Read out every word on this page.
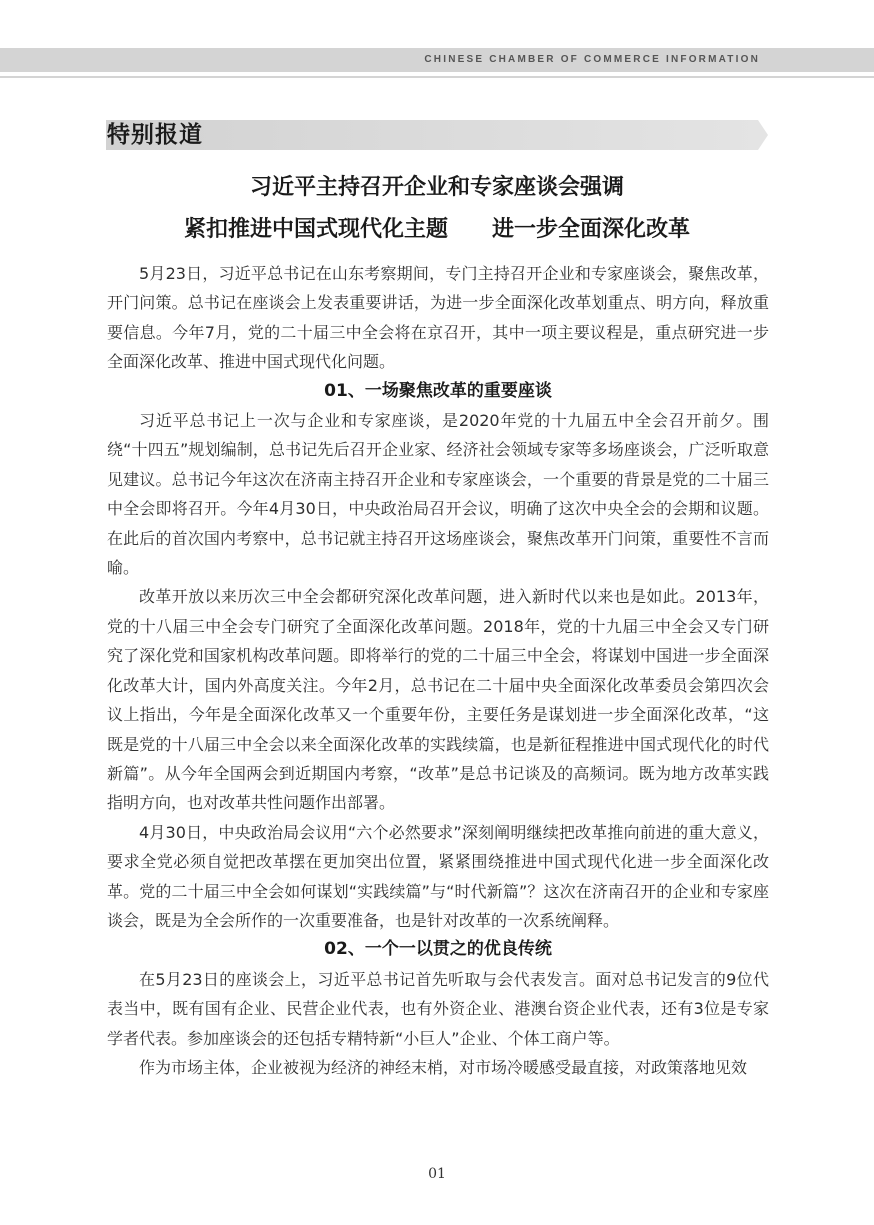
CHINESE CHAMBER OF COMMERCE INFORMATION
特别报道
习近平主持召开企业和专家座谈会强调
紧扣推进中国式现代化主题　　进一步全面深化改革

5月23日，习近平总书记在山东考察期间，专门主持召开企业和专家座谈会，聚焦改革，开门问策。总书记在座谈会上发表重要讲话，为进一步全面深化改革划重点、明方向，释放重要信息。今年7月，党的二十届三中全会将在京召开，其中一项主要议程是，重点研究进一步全面深化改革、推进中国式现代化问题。

01、一场聚焦改革的重要座谈

习近平总书记上一次与企业和专家座谈，是2020年党的十九届五中全会召开前夕。围绕“十四五”规划编制，总书记先后召开企业家、经济社会领域专家等多场座谈会，广泛听取意见建议。总书记今年这次在济南主持召开企业和专家座谈会，一个重要的背景是党的二十届三中全会即将召开。今年4月30日，中央政治局召开会议，明确了这次中央全会的会期和议题。在此后的首次国内考察中，总书记就主持召开这场座谈会，聚焦改革开门问策，重要性不言而喻。

改革开放以来历次三中全会都研究深化改革问题，进入新时代以来也是如此。2013年，党的十八届三中全会专门研究了全面深化改革问题。2018年，党的十九届三中全会又专门研究了深化党和国家机构改革问题。即将举行的党的二十届三中全会，将谋划中国进一步全面深化改革大计，国内外高度关注。今年2月，总书记在二十届中央全面深化改革委员会第四次会议上指出，今年是全面深化改革又一个重要年份，主要任务是谋划进一步全面深化改革，“这既是党的十八届三中全会以来全面深化改革的实践续篇，也是新征程推进中国式现代化的时代新篇”。从今年全国两会到近期国内考察，“改革”是总书记谈及的高频词。既为地方改革实践指明方向，也对改革共性问题作出部署。

4月30日，中央政治局会议用“六个必然要求”深刻阐明继续把改革推向前进的重大意义，要求全党必须自觉把改革摆在更加突出位置，紧紧围绕推进中国式现代化进一步全面深化改革。党的二十届三中全会如何谋划“实践续篇”与“时代新篇”？这次在济南召开的企业和专家座谈会，既是为全会所作的一次重要准备，也是针对改革的一次系统阐释。

02、一个一以贯之的优良传统

在5月23日的座谈会上，习近平总书记首先听取与会代表发言。面对总书记发言的9位代表当中，既有国有企业、民营企业代表，也有外资企业、港澳台资企业代表，还有3位是专家学者代表。参加座谈会的还包括专精特新“小巨人”企业、个体工商户等。

作为市场主体，企业被视为经济的神经末梢，对市场冷暖感受最直接，对政策落地见效

01
